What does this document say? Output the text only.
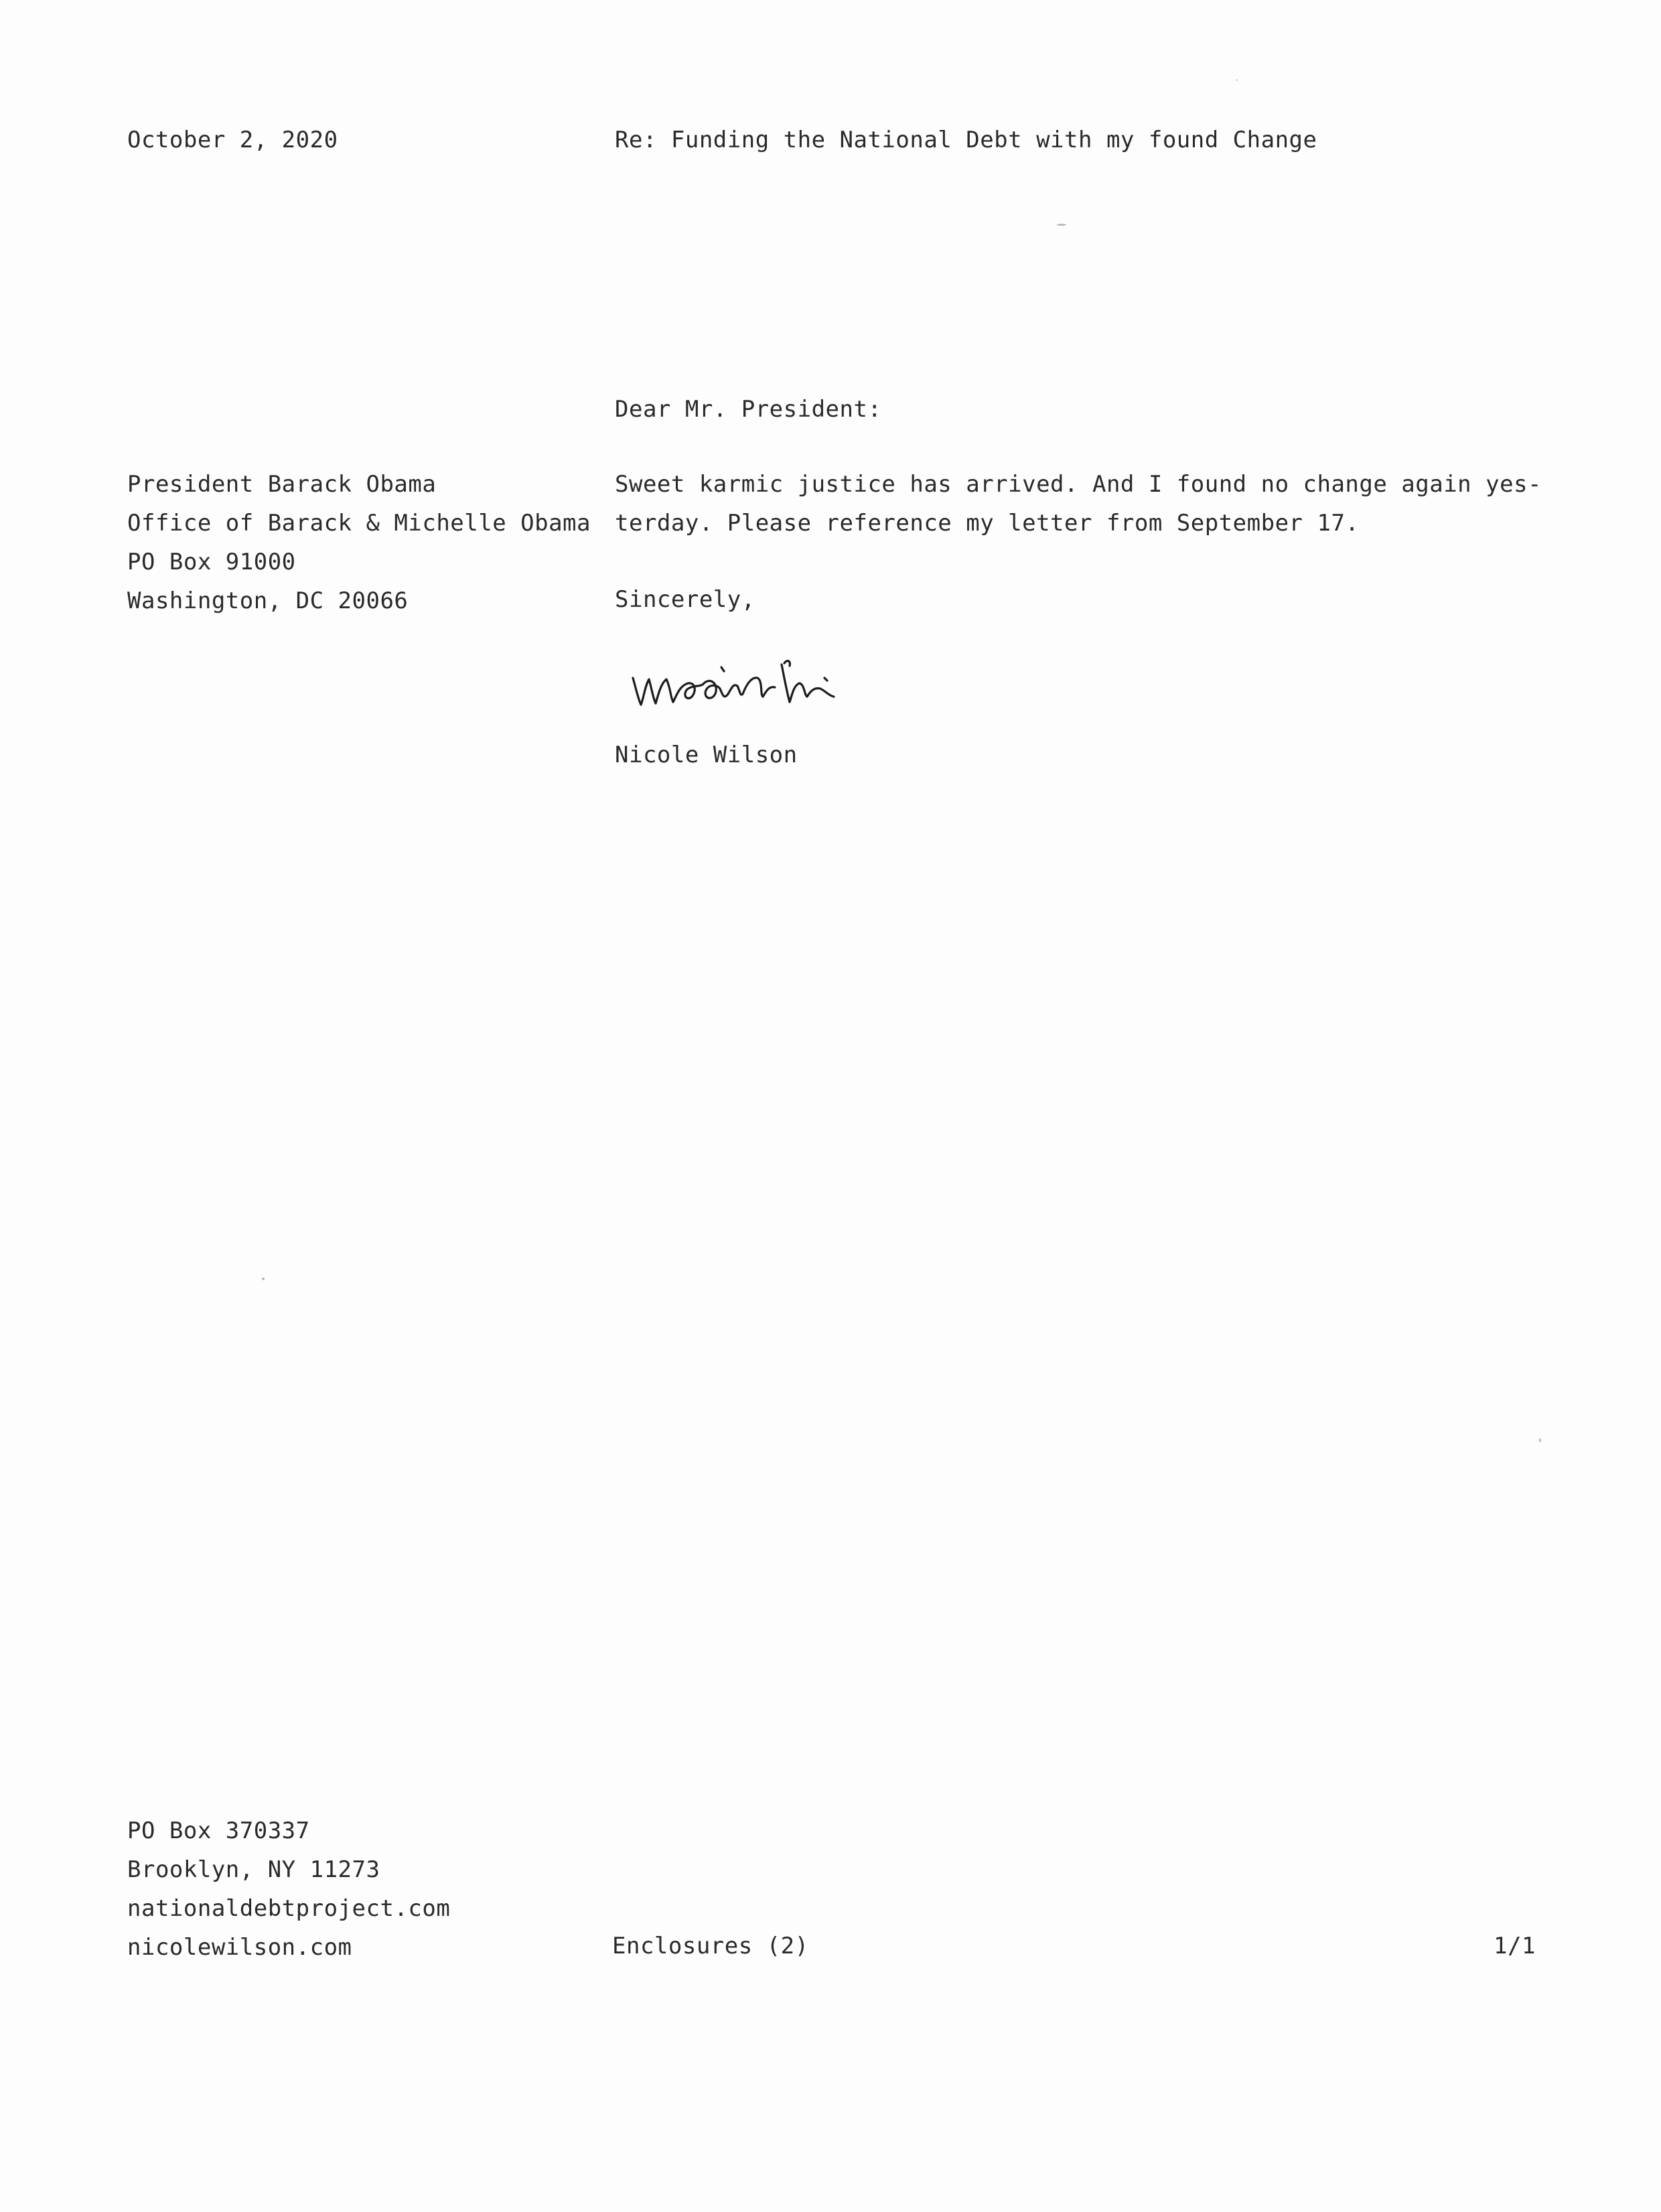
October 2, 2020	Re: Funding the National Debt with my found Change
Dear Mr. President:
President Barack Obama
Office of Barack & Michelle Obama
PO Box 91000
Washington, DC 20066
Sweet karmic justice has arrived. And I found no change again yes-
terday. Please reference my letter from September 17.
Sincerely,
Nicole Wilson
PO Box 370337
Brooklyn, NY 11273
nationaldebtproject.com
nicolewilson.com	Enclosures (2)	1/1
